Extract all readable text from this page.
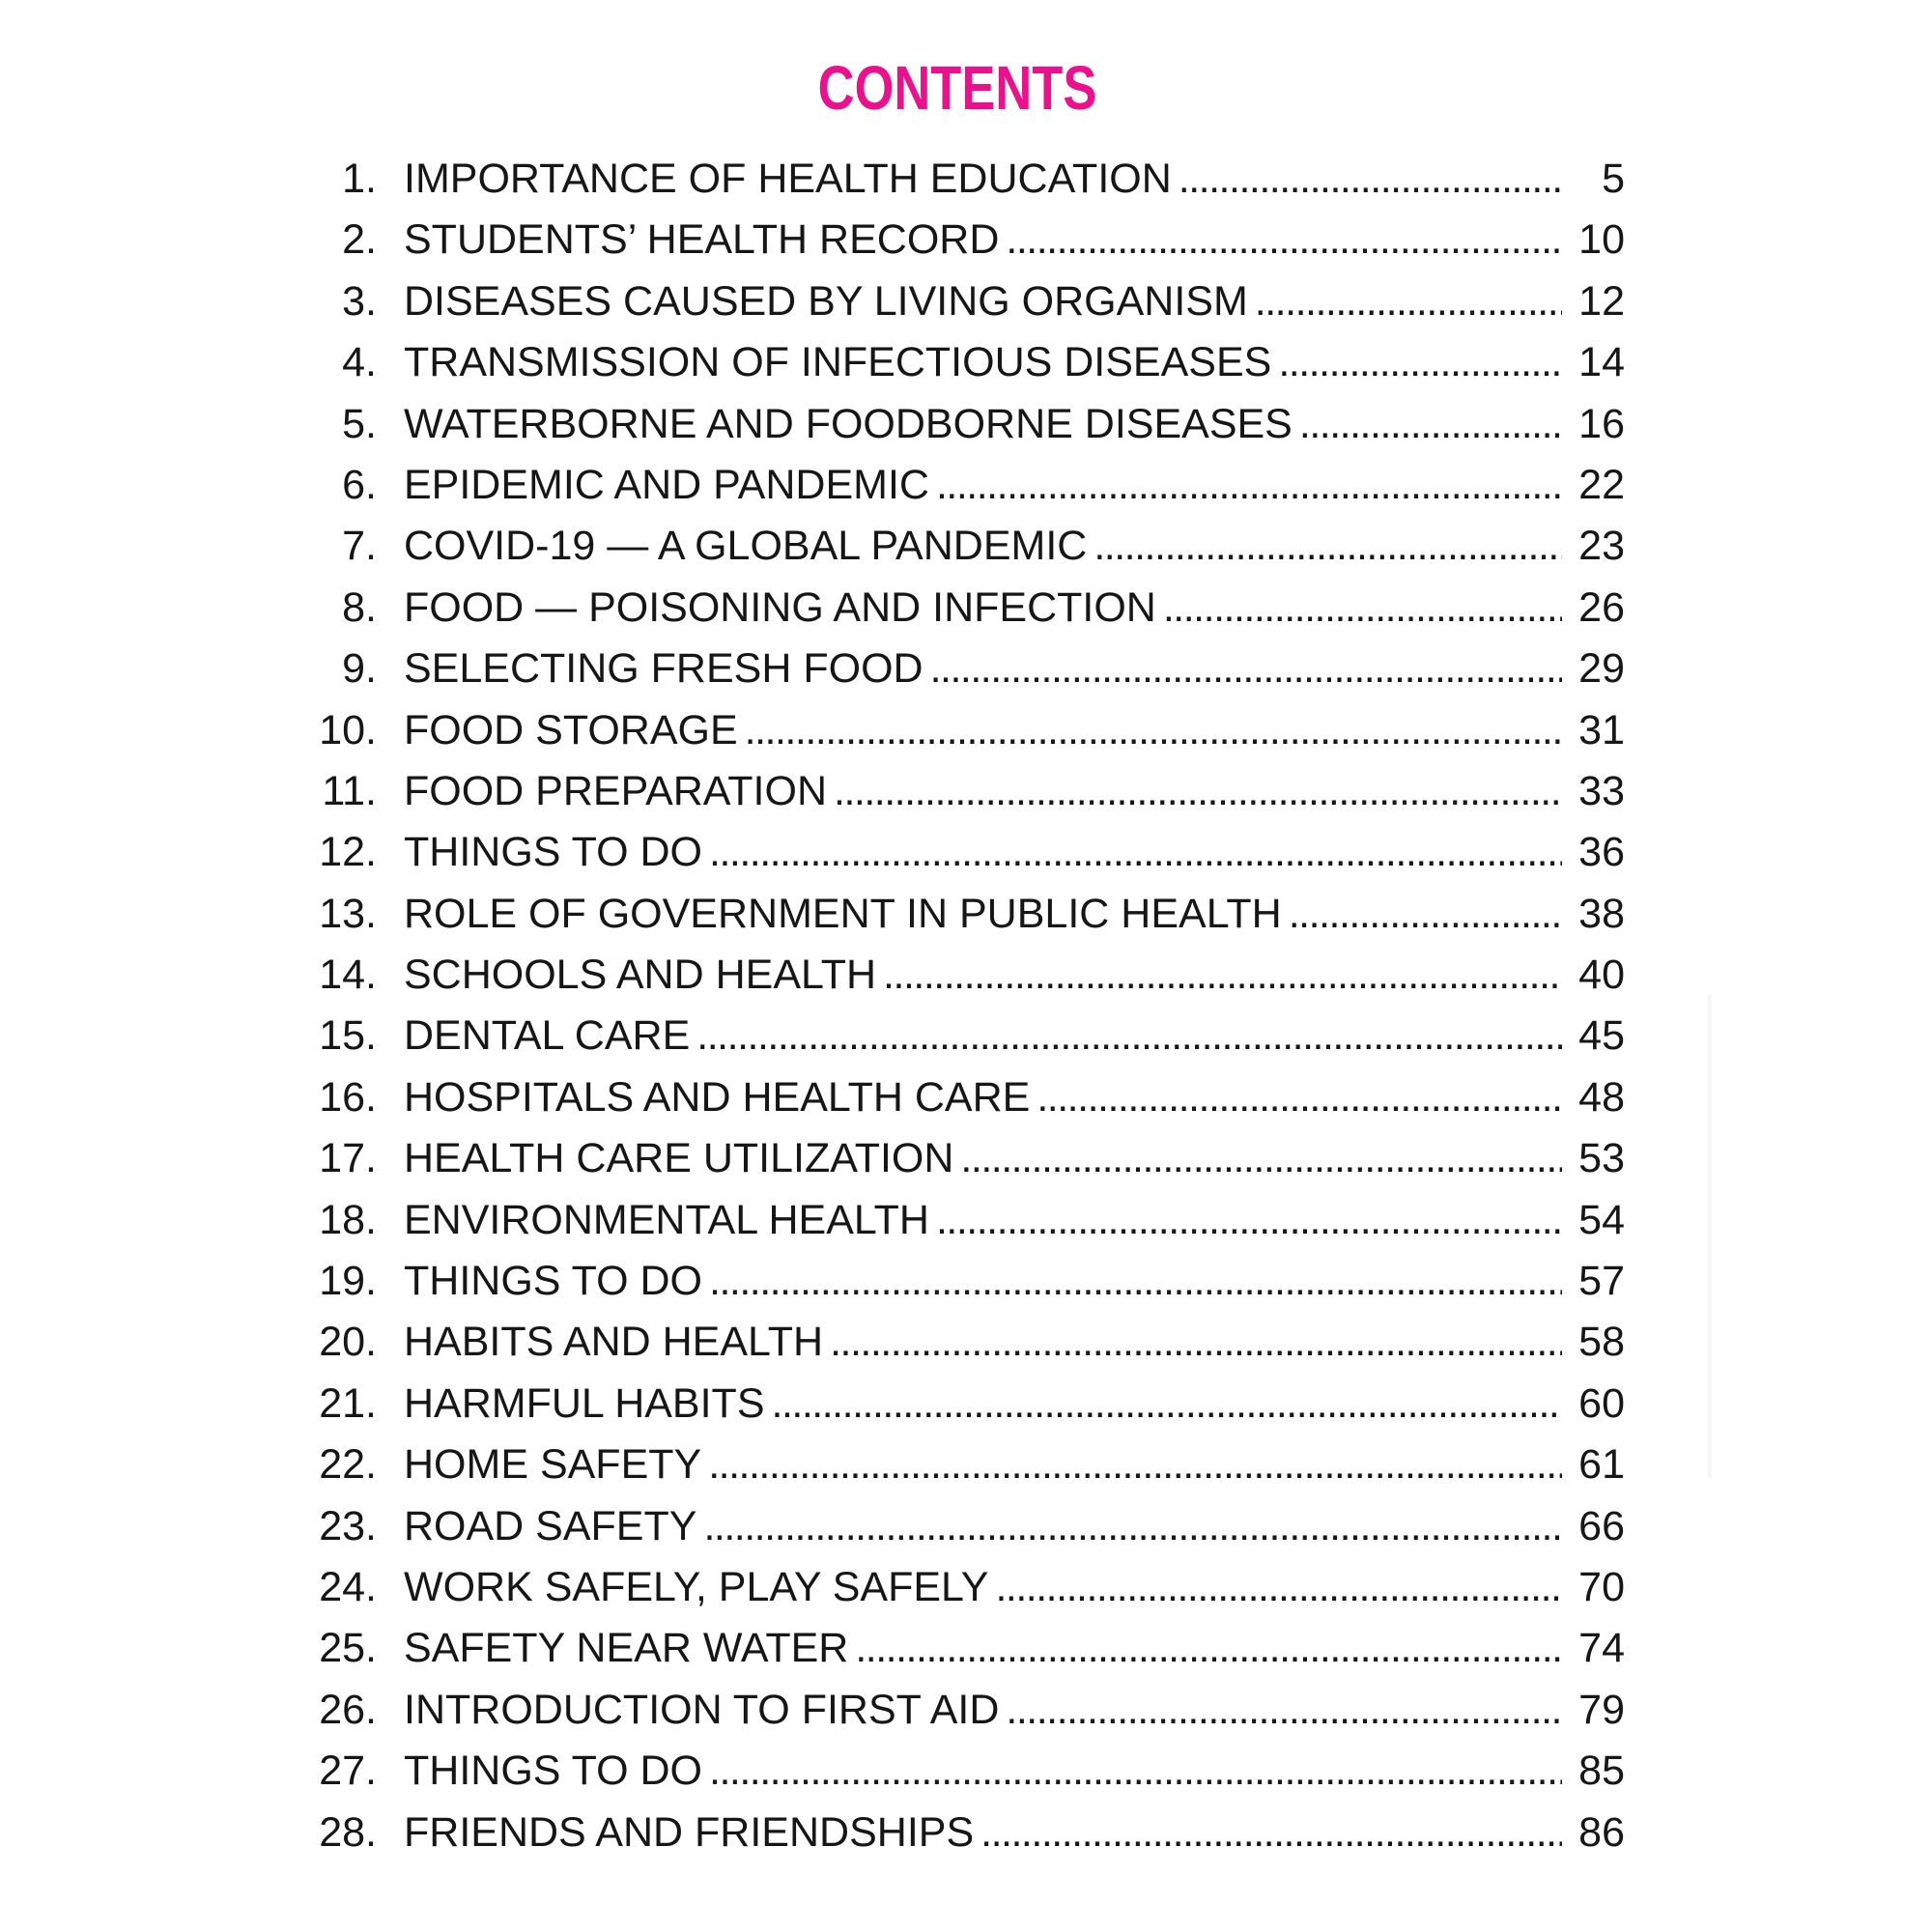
CONTENTS
1. IMPORTANCE OF HEALTH EDUCATION .....	5
2. STUDENTS’ HEALTH RECORD .....	10
3. DISEASES CAUSED BY LIVING ORGANISM .....	12
4. TRANSMISSION OF INFECTIOUS DISEASES .....	14
5. WATERBORNE AND FOODBORNE DISEASES .....	16
6. EPIDEMIC AND PANDEMIC .....	22
7. COVID-19 — A GLOBAL PANDEMIC .....	23
8. FOOD — POISONING AND INFECTION .....	26
9. SELECTING FRESH FOOD .....	29
10. FOOD STORAGE .....	31
11. FOOD PREPARATION .....	33
12. THINGS TO DO .....	36
13. ROLE OF GOVERNMENT IN PUBLIC HEALTH .....	38
14. SCHOOLS AND HEALTH .....	40
15. DENTAL CARE .....	45
16. HOSPITALS AND HEALTH CARE .....	48
17. HEALTH CARE UTILIZATION .....	53
18. ENVIRONMENTAL HEALTH .....	54
19. THINGS TO DO .....	57
20. HABITS AND HEALTH .....	58
21. HARMFUL HABITS .....	60
22. HOME SAFETY .....	61
23. ROAD SAFETY .....	66
24. WORK SAFELY, PLAY SAFELY .....	70
25. SAFETY NEAR WATER .....	74
26. INTRODUCTION TO FIRST AID .....	79
27. THINGS TO DO .....	85
28. FRIENDS AND FRIENDSHIPS .....	86
